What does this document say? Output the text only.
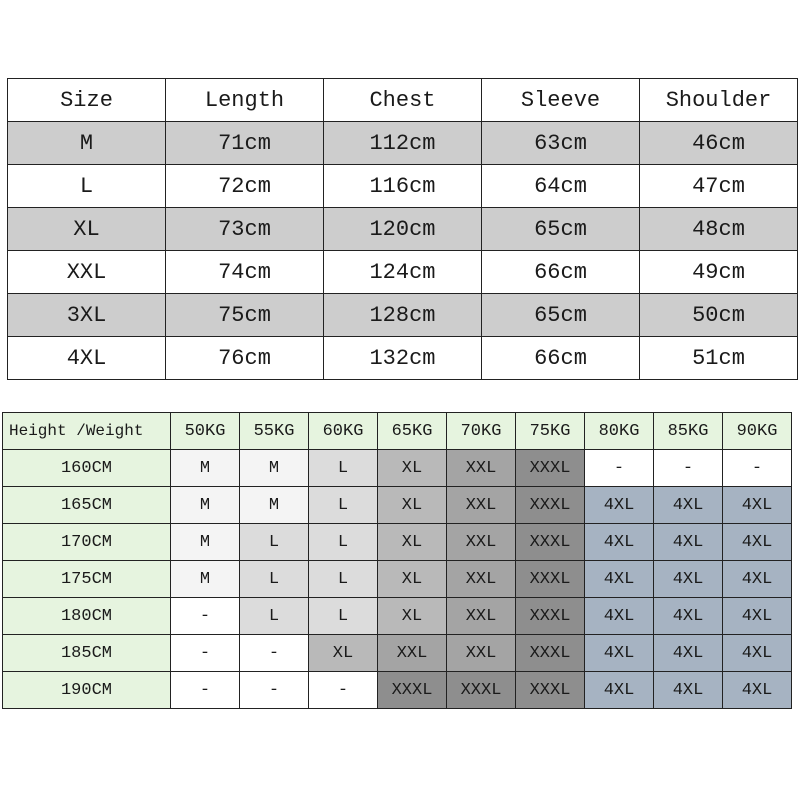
Size	Length	Chest	Sleeve	Shoulder
M	71cm	112cm	63cm	46cm
L	72cm	116cm	64cm	47cm
XL	73cm	120cm	65cm	48cm
XXL	74cm	124cm	66cm	49cm
3XL	75cm	128cm	65cm	50cm
4XL	76cm	132cm	66cm	51cm
Height /Weight	50KG	55KG	60KG	65KG	70KG	75KG	80KG	85KG	90KG
160CM	M	M	L	XL	XXL	XXXL	-	-	-
165CM	M	M	L	XL	XXL	XXXL	4XL	4XL	4XL
170CM	M	L	L	XL	XXL	XXXL	4XL	4XL	4XL
175CM	M	L	L	XL	XXL	XXXL	4XL	4XL	4XL
180CM	-	L	L	XL	XXL	XXXL	4XL	4XL	4XL
185CM	-	-	XL	XXL	XXL	XXXL	4XL	4XL	4XL
190CM	-	-	-	XXXL	XXXL	XXXL	4XL	4XL	4XL
